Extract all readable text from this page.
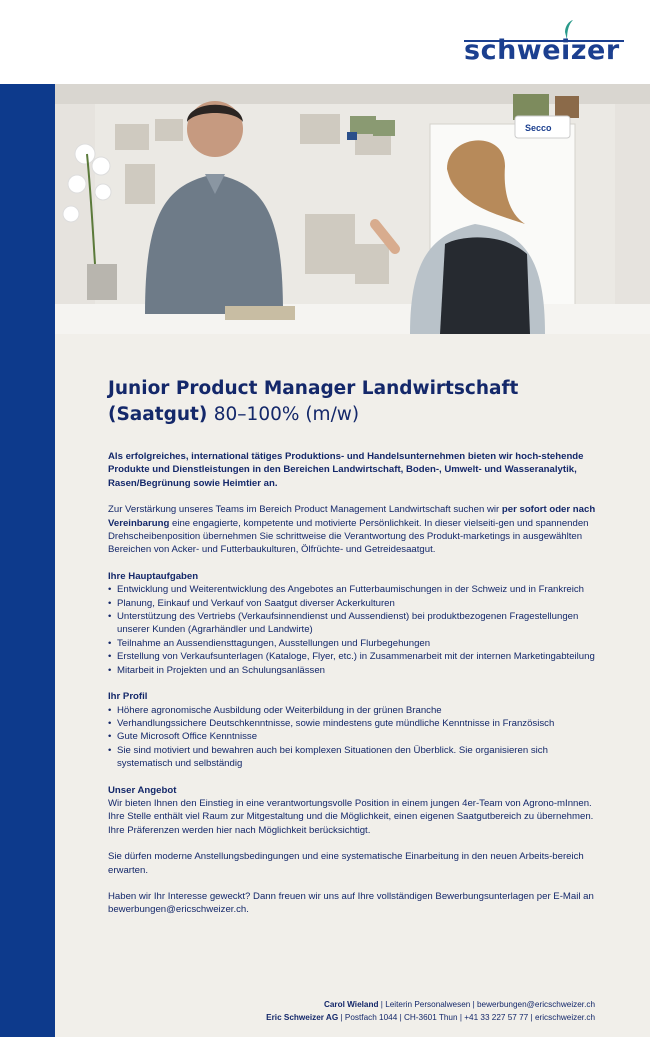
schweizer
Secco
Junior Product Manager Landwirtschaft
(Saatgut) 80–100% (m/w)

Als erfolgreiches, international tätiges Produktions- und Handelsunternehmen bieten wir hoch-stehende Produkte und Dienstleistungen in den Bereichen Landwirtschaft, Boden-, Umwelt- und Wasseranalytik, Rasen/Begrünung sowie Heimtier an.

Zur Verstärkung unseres Teams im Bereich Product Management Landwirtschaft suchen wir per sofort oder nach Vereinbarung eine engagierte, kompetente und motivierte Persönlichkeit. In dieser vielseiti-gen und spannenden Drehscheibenposition übernehmen Sie schrittweise die Verantwortung des Produkt-marketings in ausgewählten Bereichen von Acker- und Futterbaukulturen, Ölfrüchte- und Getreidesaatgut.

Ihre Hauptaufgaben
• Entwicklung und Weiterentwicklung des Angebotes an Futterbaumischungen in der Schweiz und in Frankreich
• Planung, Einkauf und Verkauf von Saatgut diverser Ackerkulturen
• Unterstützung des Vertriebs (Verkaufsinnendienst und Aussendienst) bei produktbezogenen Fragestellungen unserer Kunden (Agrarhändler und Landwirte)
• Teilnahme an Aussendiensttagungen, Ausstellungen und Flurbegehungen
• Erstellung von Verkaufsunterlagen (Kataloge, Flyer, etc.) in Zusammenarbeit mit der internen Marketingabteilung
• Mitarbeit in Projekten und an Schulungsanlässen
Ihr Profil
• Höhere agronomische Ausbildung oder Weiterbildung in der grünen Branche
• Verhandlungssichere Deutschkenntnisse, sowie mindestens gute mündliche Kenntnisse in Französisch
• Gute Microsoft Office Kenntnisse
• Sie sind motiviert und bewahren auch bei komplexen Situationen den Überblick. Sie organisieren sich systematisch und selbständig
Unser Angebot

Wir bieten Ihnen den Einstieg in eine verantwortungsvolle Position in einem jungen 4er-Team von Agrono-mInnen. Ihre Stelle enthält viel Raum zur Mitgestaltung und die Möglichkeit, einen eigenen Saatgutbereich zu übernehmen. Ihre Präferenzen werden hier nach Möglichkeit berücksichtigt.

Sie dürfen moderne Anstellungsbedingungen und eine systematische Einarbeitung in den neuen Arbeits-bereich erwarten.

Haben wir Ihr Interesse geweckt? Dann freuen wir uns auf Ihre vollständigen Bewerbungsunterlagen per E-Mail an bewerbungen@ericschweizer.ch.

Carol Wieland | Leiterin Personalwesen | bewerbungen@ericschweizer.ch
Eric Schweizer AG | Postfach 1044 | CH-3601 Thun | +41 33 227 57 77 | ericschweizer.ch
